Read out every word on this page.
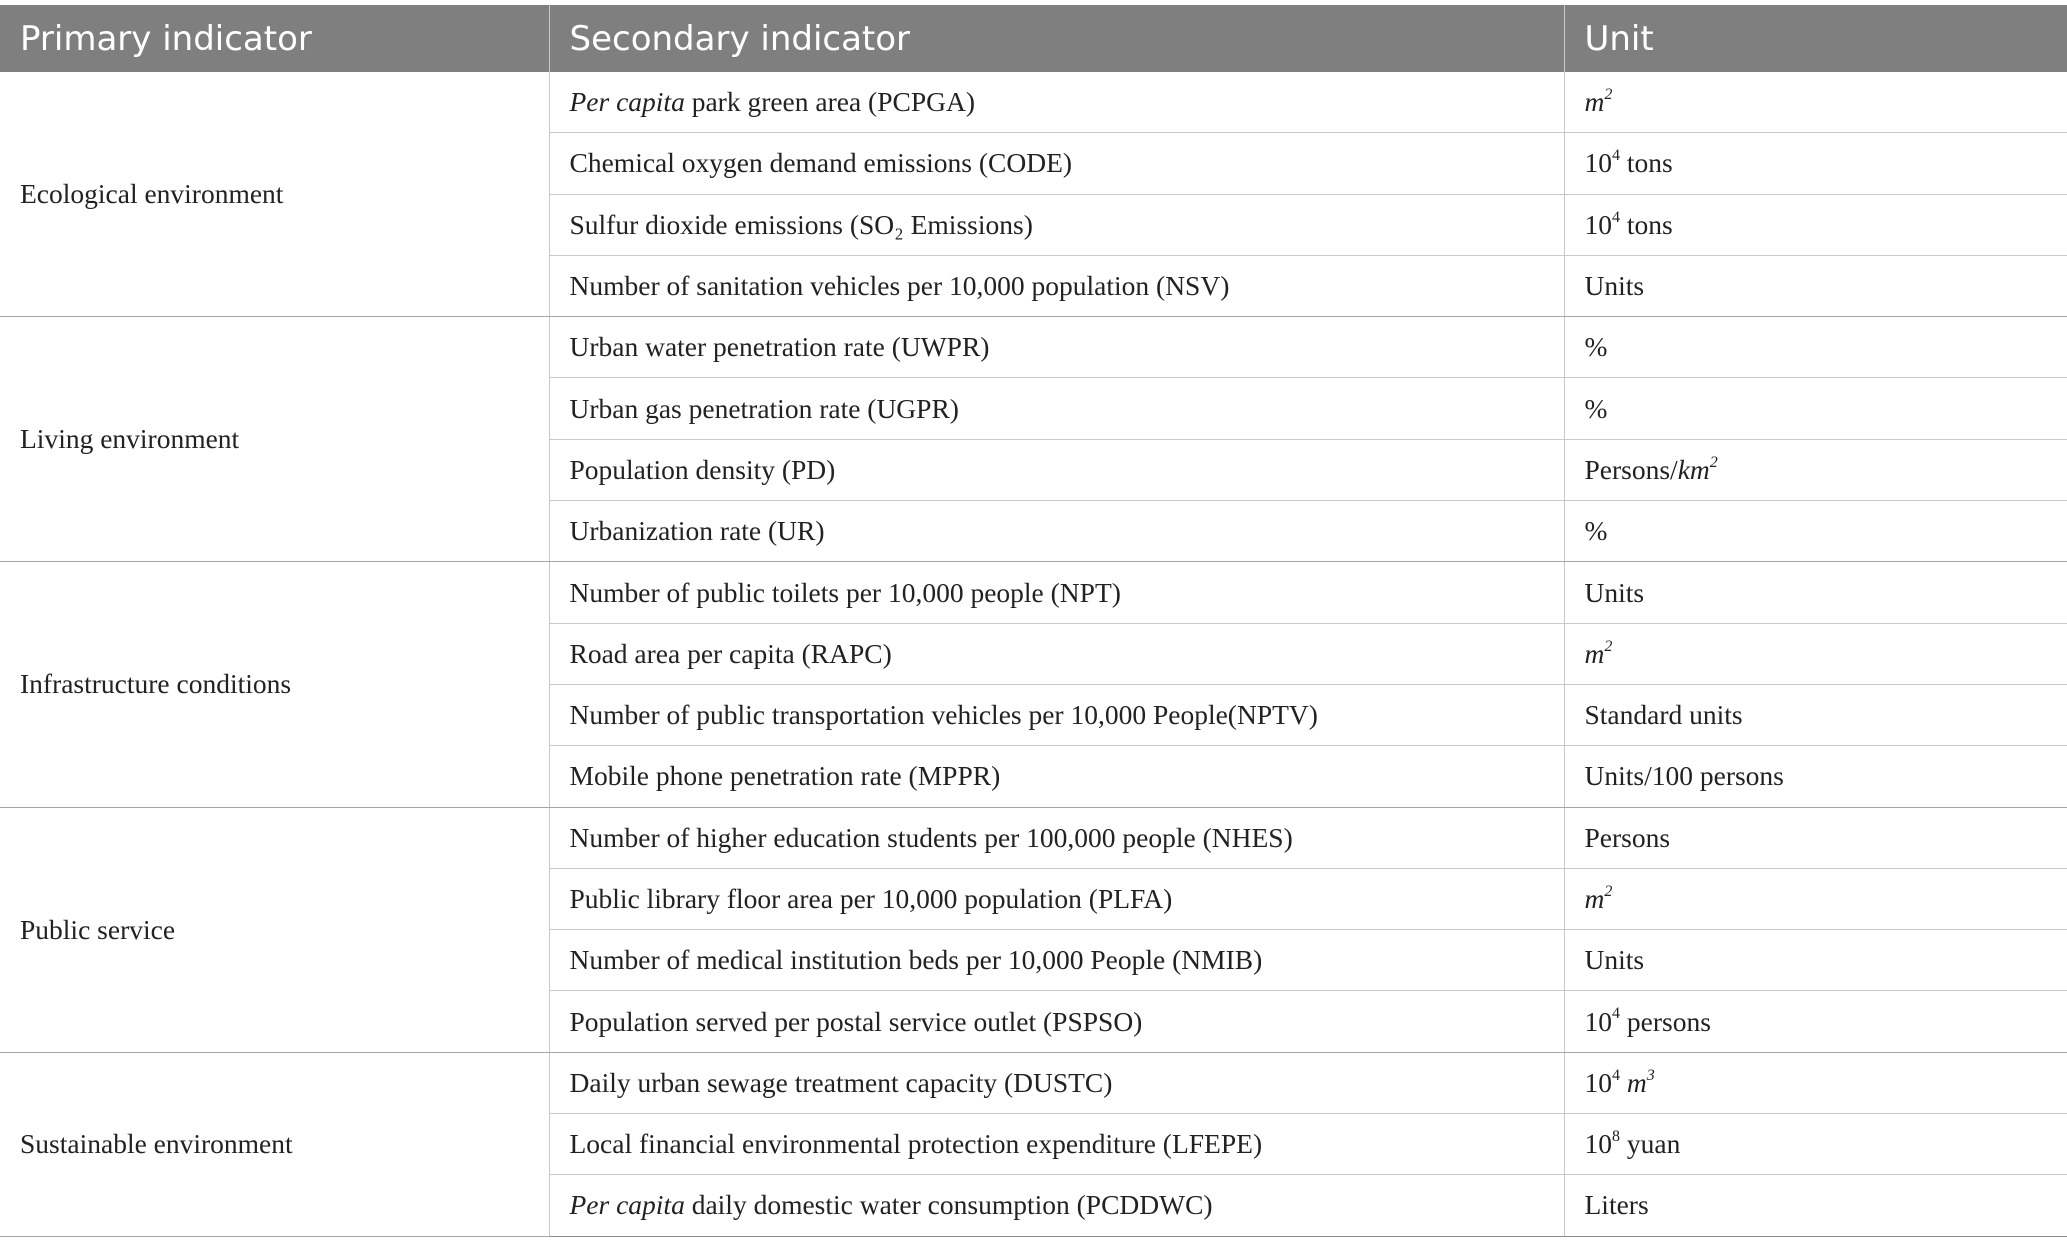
Primary indicator	Secondary indicator	Unit
Ecological environment	Per capita park green area (PCPGA)	$m^2$
	Chemical oxygen demand emissions (CODE)	$10^4$ tons
	Sulfur dioxide emissions (SO₂ Emissions)	$10^4$ tons
	Number of sanitation vehicles per 10,000 population (NSV)	Units
Living environment	Urban water penetration rate (UWPR)	%
	Urban gas penetration rate (UGPR)	%
	Population density (PD)	Persons/$km^2$
	Urbanization rate (UR)	%
Infrastructure conditions	Number of public toilets per 10,000 people (NPT)	Units
	Road area per capita (RAPC)	$m^2$
	Number of public transportation vehicles per 10,000 People(NPTV)	Standard units
	Mobile phone penetration rate (MPPR)	Units/100 persons
Public service	Number of higher education students per 100,000 people (NHES)	Persons
	Public library floor area per 10,000 population (PLFA)	$m^2$
	Number of medical institution beds per 10,000 People (NMIB)	Units
	Population served per postal service outlet (PSPSO)	$10^4$ persons
Sustainable environment	Daily urban sewage treatment capacity (DUSTC)	$10^4$ $m^3$
	Local financial environmental protection expenditure (LFEPE)	$10^8$ yuan
	Per capita daily domestic water consumption (PCDDWC)	Liters
